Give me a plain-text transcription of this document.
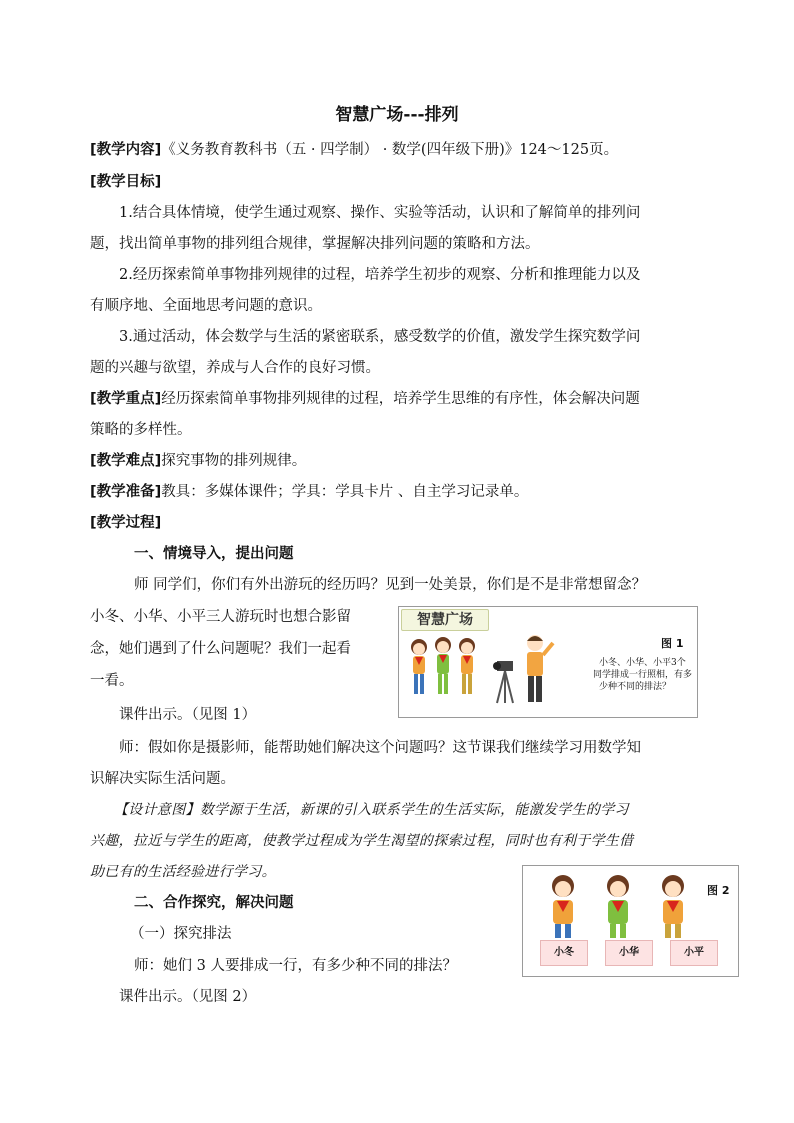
智慧广场---排列
[教学内容]《义务教育教科书（五 · 四学制） · 数学(四年级下册)》124～125页。
[教学目标]
1.结合具体情境，使学生通过观察、操作、实验等活动，认识和了解简单的排列问
题，找出简单事物的排列组合规律，掌握解决排列问题的策略和方法。
2.经历探索简单事物排列规律的过程，培养学生初步的观察、分析和推理能力以及
有顺序地、全面地思考问题的意识。
3.通过活动，体会数学与生活的紧密联系，感受数学的价值，激发学生探究数学问
题的兴趣与欲望，养成与人合作的良好习惯。
[教学重点]经历探索简单事物排列规律的过程，培养学生思维的有序性，体会解决问题
策略的多样性。
[教学难点]探究事物的排列规律。
[教学准备]教具：多媒体课件；学具：学具卡片 、自主学习记录单。
[教学过程]
一、情境导入，提出问题
师 同学们，你们有外出游玩的经历吗？见到一处美景，你们是不是非常想留念？
小冬、小华、小平三人游玩时也想合影留
念，她们遇到了什么问题呢？我们一起看
一看。
课件出示。（见图 1）
师：假如你是摄影师，能帮助她们解决这个问题吗？这节课我们继续学习用数学知
识解决实际生活问题。
【设计意图】数学源于生活，新课的引入联系学生的生活实际，能激发学生的学习
兴趣，拉近与学生的距离，使教学过程成为学生渴望的探索过程，同时也有利于学生借
助已有的生活经验进行学习。
二、合作探究，解决问题
（一）探究排法
师：她们 3 人要排成一行，有多少种不同的排法？
课件出示。（见图 2）
智慧广场
图 1
小冬、小华、小平3个
同学排成一行照相，有多
少种不同的排法？
图 2
小冬	小华	小平
